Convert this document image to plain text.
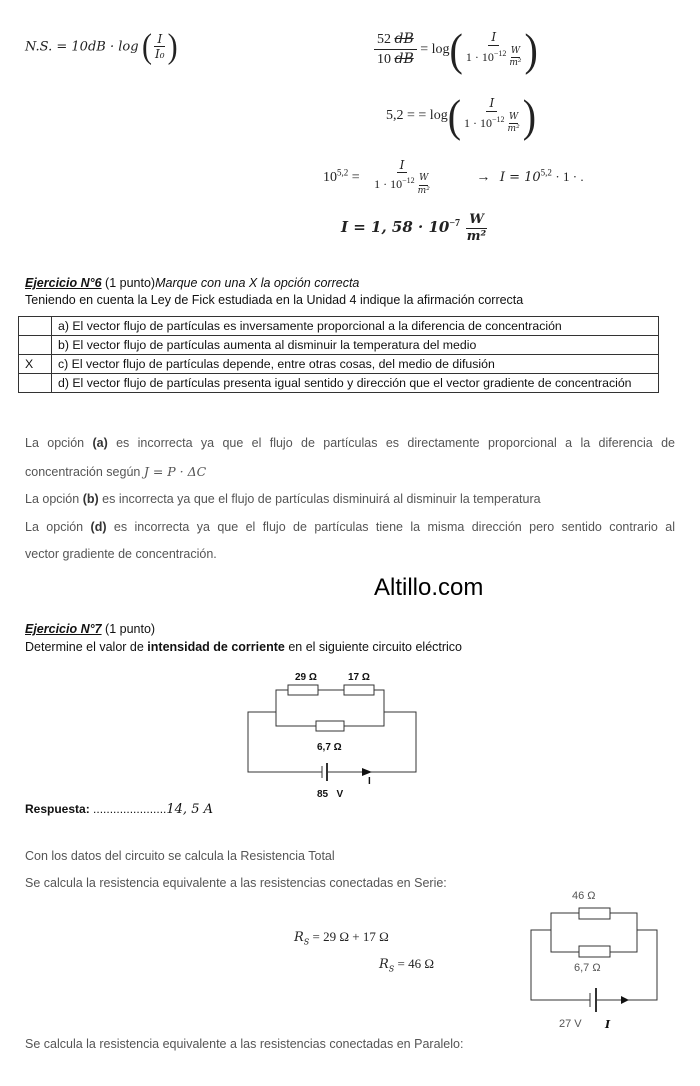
N.S. = 10dB · log ( $\frac{I}{\text{I₀}}$ )	$\frac{52 dB}{10 dB} = \log( \frac{I}{1 \cdot 10^{-12} \frac{W}{\text{m²}}}$ )
5,2 = = $\log( \frac{I}{1 \cdot 10^{-12} \frac{W}{\text{m²}}}$ )
$10^{5,2} = \frac{I}{1 \cdot 10^{-12} \frac{W}{\text{m²}}}$	→ $I = 10^{5,2} \cdot 1$ · .
I = 1, $58 \cdot 10^{-7} \frac{W}{\text{m²}}$
Ejercicio N°6 (1 punto)Marque con una X la opción correcta
Teniendo en cuenta la Ley de Fick estudiada en la Unidad 4 indique la afirmación correcta
	a) El vector flujo de partículas es inversamente proporcional a la diferencia de concentración
	b) El vector flujo de partículas aumenta al disminuir la temperatura del medio
X	c) El vector flujo de partículas depende, entre otras cosas, del medio de difusión
	d) El vector flujo de partículas presenta igual sentido y dirección que el vector gradiente de concentración
La opción (a) es incorrecta ya que el flujo de partículas es directamente proporcional a la diferencia de
concentración según J = P · ΔC
La opción (b) es incorrecta ya que el flujo de partículas disminuirá al disminuir la temperatura
La opción (d) es incorrecta ya que el flujo de partículas tiene la misma dirección pero sentido contrario al
vector gradiente de concentración.
Altillo.com
Ejercicio N°7 (1 punto)
Determine el valor de intensidad de corriente en el siguiente circuito eléctrico
29 Ω	17 Ω
6,7 Ω
85   V
I
Respuesta: ......................14, 5 A
Con los datos del circuito se calcula la Resistencia Total
Se calcula la resistencia equivalente a las resistencias conectadas en Serie:
$R_S = 29$ Ω + 17 Ω
$R_S = 46$ Ω
46 Ω
6,7 Ω
27 V I
Se calcula la resistencia equivalente a las resistencias conectadas en Paralelo:
